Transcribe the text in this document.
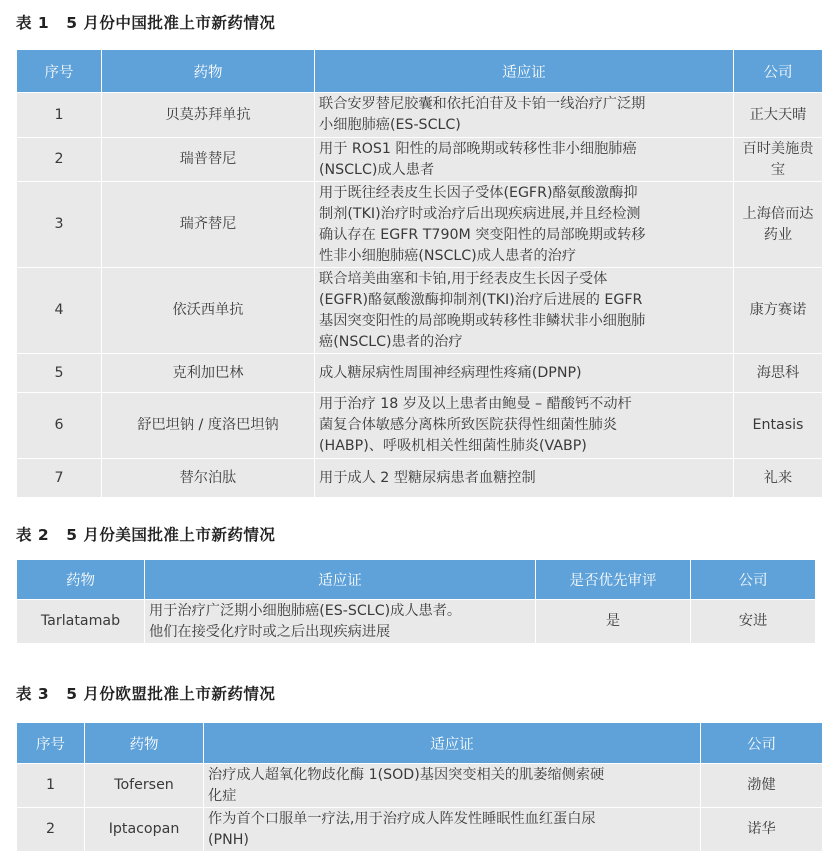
表 1 5 月份中国批准上市新药情况
序号	药物	适应证	公司
1	贝莫苏拜单抗	联合安罗替尼胶囊和依托泊苷及卡铂一线治疗广泛期
小细胞肺癌(ES-SCLC)	正大天晴
2	瑞普替尼	用于 ROS1 阳性的局部晚期或转移性非小细胞肺癌
(NSCLC)成人患者	百时美施贵宝
3	瑞齐替尼	用于既往经表皮生长因子受体(EGFR)酪氨酸激酶抑
制剂(TKI)治疗时或治疗后出现疾病进展,并且经检测
确认存在 EGFR T790M 突变阳性的局部晚期或转移
性非小细胞肺癌(NSCLC)成人患者的治疗	上海倍而达药业
4	依沃西单抗	联合培美曲塞和卡铂,用于经表皮生长因子受体
(EGFR)酪氨酸激酶抑制剂(TKI)治疗后进展的 EGFR
基因突变阳性的局部晚期或转移性非鳞状非小细胞肺
癌(NSCLC)患者的治疗	康方赛诺
5	克利加巴林	成人糖尿病性周围神经病理性疼痛(DPNP)	海思科
6	舒巴坦钠 / 度洛巴坦钠	用于治疗 18 岁及以上患者由鲍曼 – 醋酸钙不动杆
菌复合体敏感分离株所致医院获得性细菌性肺炎
(HABP)、呼吸机相关性细菌性肺炎(VABP)	Entasis
7	替尔泊肽	用于成人 2 型糖尿病患者血糖控制	礼来
表 2 5 月份美国批准上市新药情况
药物	适应证	是否优先审评	公司
Tarlatamab	用于治疗广泛期小细胞肺癌(ES-SCLC)成人患者。
他们在接受化疗时或之后出现疾病进展	是	安进
表 3 5 月份欧盟批准上市新药情况
序号	药物	适应证	公司
1	Tofersen	治疗成人超氧化物歧化酶 1(SOD)基因突变相关的肌萎缩侧索硬
化症	渤健
2	Iptacopan	作为首个口服单一疗法,用于治疗成人阵发性睡眠性血红蛋白尿
(PNH)	诺华
